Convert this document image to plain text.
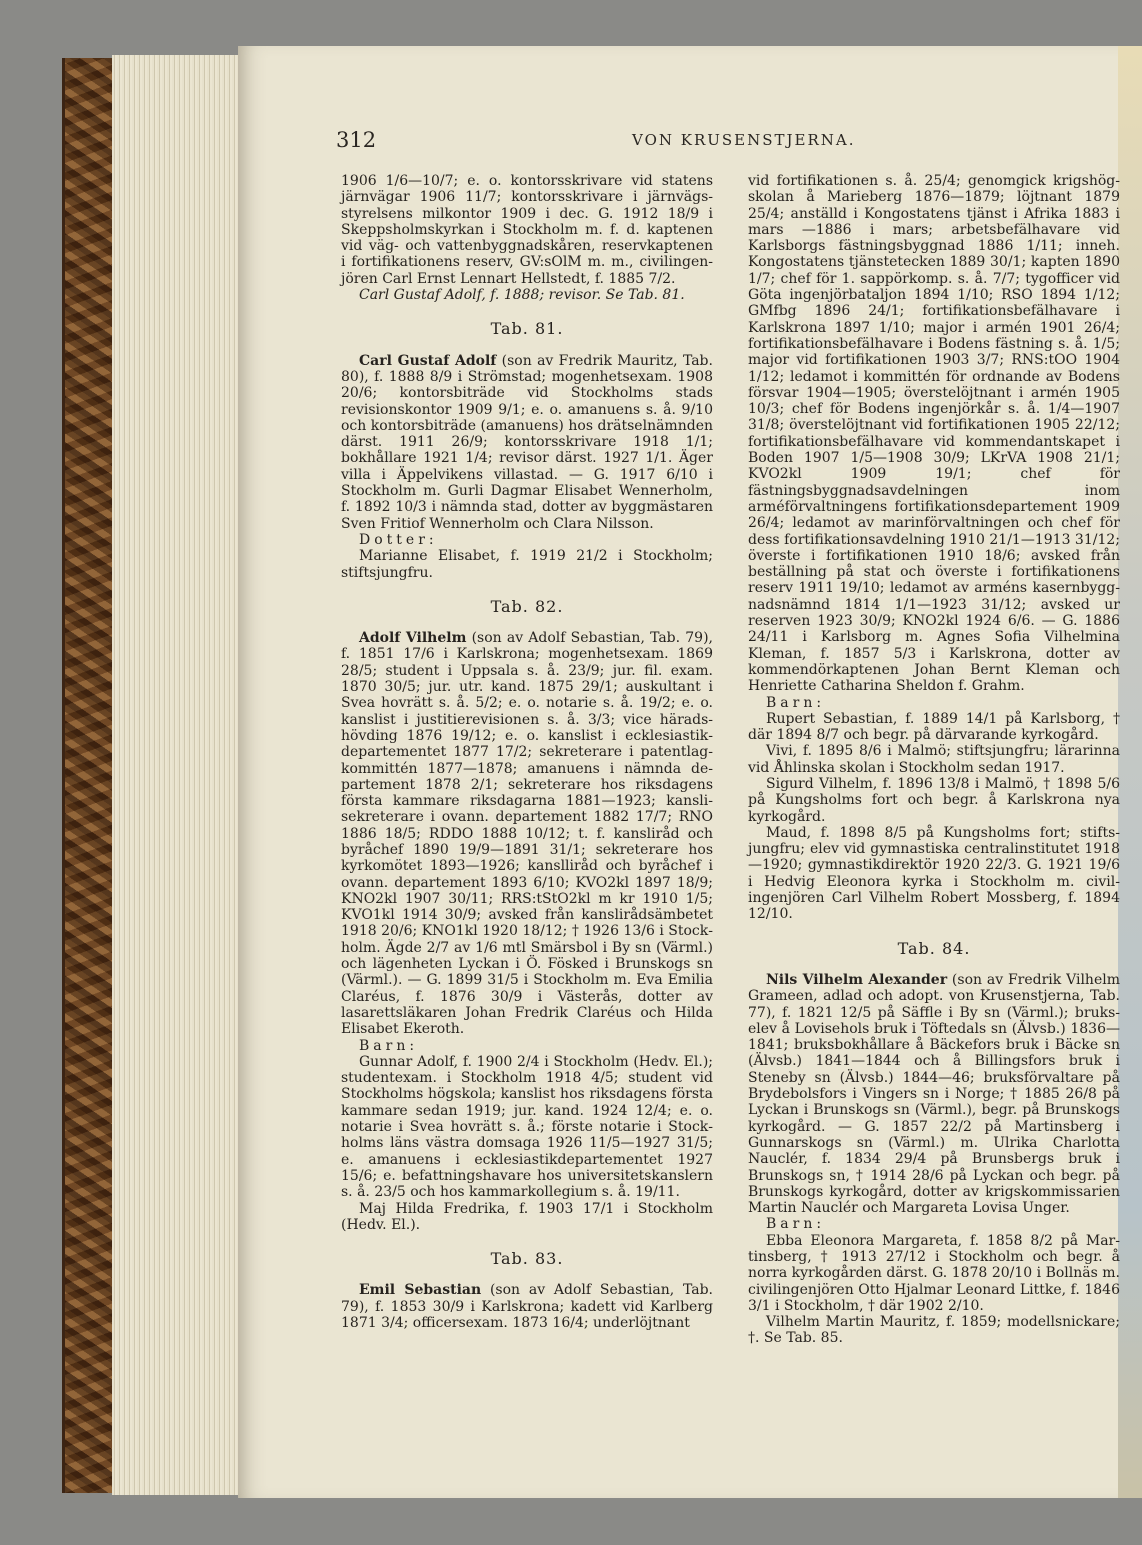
312	VON KRUSENSTJERNA.

1906 1/6—10/7; e. o. kontorsskrivare vid statens järnvägar 1906 11/7; kontorsskrivare i järnvägsstyrelsens milkontor 1909 i dec. G. 1912 18/9 i Skeppsholmskyrkan i Stockholm m. f. d. kaptenen vid väg- och vattenbyggnadskåren, reservkaptenen i fortifikationens reserv, GV:sOlM m. m., civilingenjören Carl Ernst Lennart Hellstedt, f. 1885 7/2.

Carl Gustaf Adolf, f. 1888; revisor. Se Tab. 81.

Tab. 81.

Carl Gustaf Adolf (son av Fredrik Mauritz, Tab. 80), f. 1888 8/9 i Strömstad; mogenhetsexam. 1908 20/6; kontorsbiträde vid Stockholms stads revisionskontor 1909 9/1; e. o. amanuens s. å. 9/10 och kontorsbiträde (amanuens) hos drätselnämnden därst. 1911 26/9; kontorsskrivare 1918 1/1; bokhållare 1921 1/4; revisor därst. 1927 1/1. Äger villa i Äppelvikens villastad. — G. 1917 6/10 i Stockholm m. Gurli Dagmar Elisabet Wennerholm, f. 1892 10/3 i nämnda stad, dotter av byggmästaren Sven Fritiof Wennerholm och Clara Nilsson.

Dotter:

Marianne Elisabet, f. 1919 21/2 i Stockholm; stiftsjungfru.

Tab. 82.

Adolf Vilhelm (son av Adolf Sebastian, Tab. 79), f. 1851 17/6 i Karlskrona; mogenhetsexam. 1869 28/5; student i Uppsala s. å. 23/9; jur. fil. exam. 1870 30/5; jur. utr. kand. 1875 29/1; auskultant i Svea hovrätt s. å. 5/2; e. o. notarie s. å. 19/2; e. o. kanslist i justitierevisionen s. å. 3/3; vice häradshövding 1876 19/12; e. o. kanslist i ecklesiastikdepartementet 1877 17/2; sekreterare i patentlagkommittén 1877—1878; amanuens i nämnda departement 1878 2/1; sekreterare hos riksdagens första kammare riksdagarna 1881—1923; kanslisekreterare i ovann. departement 1882 17/7; RNO 1886 18/5; RDDO 1888 10/12; t. f. kansliråd och byråchef 1890 19/9—1891 31/1; sekreterare hos kyrkomötet 1893—1926; kanslliråd och byråchef i ovann. departement 1893 6/10; KVO2kl 1897 18/9; KNO2kl 1907 30/11; RRS:tStO2kl m kr 1910 1/5; KVO1kl 1914 30/9; avsked från kanslirådsämbetet 1918 20/6; KNO1kl 1920 18/12; † 1926 13/6 i Stockholm. Ägde 2/7 av 1/6 mtl Smärsbol i By sn (Värml.) och lägenheten Lyckan i Ö. Fösked i Brunskogs sn (Värml.). — G. 1899 31/5 i Stockholm m. Eva Emilia Claréus, f. 1876 30/9 i Västerås, dotter av lasarettsläkaren Johan Fredrik Claréus och Hilda Elisabet Ekeroth.

Barn:

Gunnar Adolf, f. 1900 2/4 i Stockholm (Hedv. El.); studentexam. i Stockholm 1918 4/5; student vid Stockholms högskola; kanslist hos riksdagens första kammare sedan 1919; jur. kand. 1924 12/4; e. o. notarie i Svea hovrätt s. å.; förste notarie i Stockholms läns västra domsaga 1926 11/5—1927 31/5; e. amanuens i ecklesiastikdepartementet 1927 15/6; e. befattningshavare hos universitetskanslern s. å. 23/5 och hos kammarkollegium s. å. 19/11.

Maj Hilda Fredrika, f. 1903 17/1 i Stockholm (Hedv. El.).

Tab. 83.

Emil Sebastian (son av Adolf Sebastian, Tab. 79), f. 1853 30/9 i Karlskrona; kadett vid Karlberg 1871 3/4; officersexam. 1873 16/4; underlöjtnant

vid fortifikationen s. å. 25/4; genomgick krigshögskolan å Marieberg 1876—1879; löjtnant 1879 25/4; anställd i Kongostatens tjänst i Afrika 1883 i mars —1886 i mars; arbetsbefälhavare vid Karlsborgs fästningsbyggnad 1886 1/11; inneh. Kongostatens tjänstetecken 1889 30/1; kapten 1890 1/7; chef för 1. sappörkomp. s. å. 7/7; tygofficer vid Göta ingenjörbataljon 1894 1/10; RSO 1894 1/12; GMfbg 1896 24/1; fortifikationsbefälhavare i Karlskrona 1897 1/10; major i armén 1901 26/4; fortifikationsbefälhavare i Bodens fästning s. å. 1/5; major vid fortifikationen 1903 3/7; RNS:tOO 1904 1/12; ledamot i kommittén för ordnande av Bodens försvar 1904—1905; överstelöjtnant i armén 1905 10/3; chef för Bodens ingenjörkår s. å. 1/4—1907 31/8; överstelöjtnant vid fortifikationen 1905 22/12; fortifikationsbefälhavare vid kommendantskapet i Boden 1907 1/5—1908 30/9; LKrVA 1908 21/1; KVO2kl 1909 19/1; chef för fästningsbyggnadsavdelningen inom arméförvaltningens fortifikationsdepartement 1909 26/4; ledamot av marinförvaltningen och chef för dess fortifikationsavdelning 1910 21/1—1913 31/12; överste i fortifikationen 1910 18/6; avsked från beställning på stat och överste i fortifikationens reserv 1911 19/10; ledamot av arméns kasernbyggnadsnämnd 1814 1/1—1923 31/12; avsked ur reserven 1923 30/9; KNO2kl 1924 6/6. — G. 1886 24/11 i Karlsborg m. Agnes Sofia Vilhelmina Kleman, f. 1857 5/3 i Karlskrona, dotter av kommendörkaptenen Johan Bernt Kleman och Henriette Catharina Sheldon f. Grahm.

Barn:

Rupert Sebastian, f. 1889 14/1 på Karlsborg, † där 1894 8/7 och begr. på därvarande kyrkogård.

Vivi, f. 1895 8/6 i Malmö; stiftsjungfru; lärarinna vid Åhlinska skolan i Stockholm sedan 1917.

Sigurd Vilhelm, f. 1896 13/8 i Malmö, † 1898 5/6 på Kungsholms fort och begr. å Karlskrona nya kyrkogård.

Maud, f. 1898 8/5 på Kungsholms fort; stiftsjungfru; elev vid gymnastiska centralinstitutet 1918—1920; gymnastikdirektör 1920 22/3. G. 1921 19/6 i Hedvig Eleonora kyrka i Stockholm m. civilingenjören Carl Vilhelm Robert Mossberg, f. 1894 12/10.

Tab. 84.

Nils Vilhelm Alexander (son av Fredrik Vilhelm Grameen, adlad och adopt. von Krusenstjerna, Tab. 77), f. 1821 12/5 på Säffle i By sn (Värml.); brukselev å Lovisehols bruk i Töftedals sn (Älvsb.) 1836—1841; bruksbokhållare å Bäckefors bruk i Bäcke sn (Älvsb.) 1841—1844 och å Billingsfors bruk i Steneby sn (Älvsb.) 1844—46; bruksförvaltare på Brydebolsfors i Vingers sn i Norge; † 1885 26/8 på Lyckan i Brunskogs sn (Värml.), begr. på Brunskogs kyrkogård. — G. 1857 22/2 på Martinsberg i Gunnarskogs sn (Värml.) m. Ulrika Charlotta Nauclér, f. 1834 29/4 på Brunsbergs bruk i Brunskogs sn, † 1914 28/6 på Lyckan och begr. på Brunskogs kyrkogård, dotter av krigskommissarien Martin Nauclér och Margareta Lovisa Unger.

Barn:

Ebba Eleonora Margareta, f. 1858 8/2 på Martinsberg, † 1913 27/12 i Stockholm och begr. å norra kyrkogården därst. G. 1878 20/10 i Bollnäs m. civilingenjören Otto Hjalmar Leonard Littke, f. 1846 3/1 i Stockholm, † där 1902 2/10.

Vilhelm Martin Mauritz, f. 1859; modellsnickare; †. Se Tab. 85.
